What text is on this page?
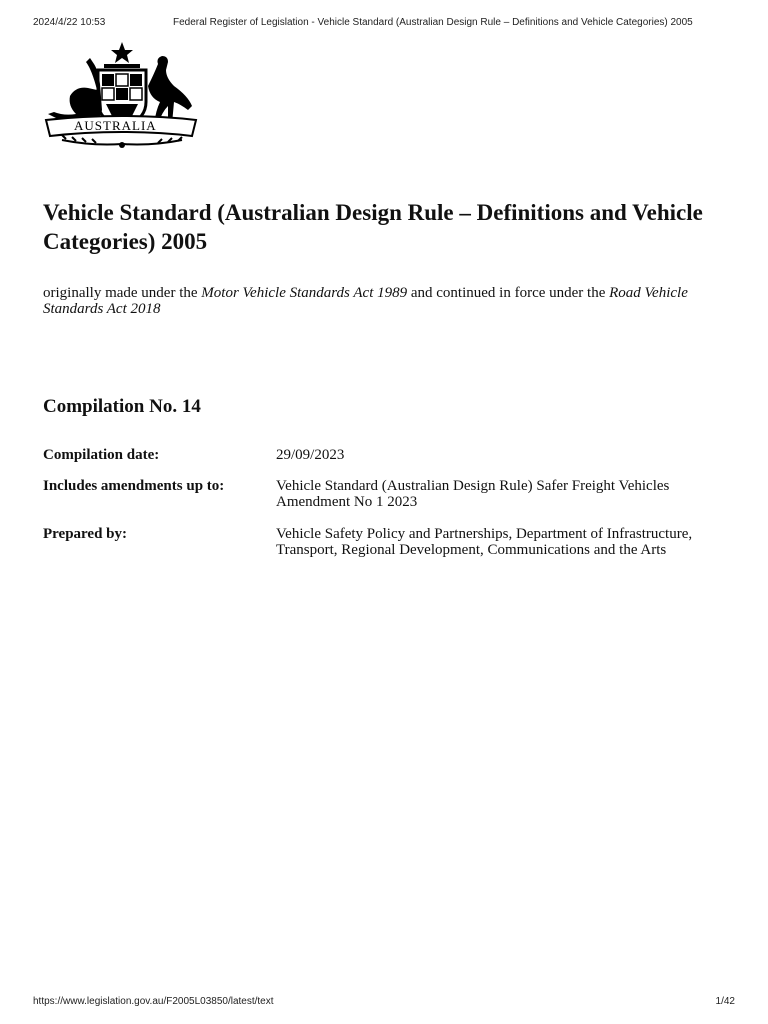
2024/4/22 10:53	Federal Register of Legislation - Vehicle Standard (Australian Design Rule – Definitions and Vehicle Categories) 2005
AUSTRALIA
Vehicle Standard (Australian Design Rule – Definitions and Vehicle Categories) 2005

originally made under the Motor Vehicle Standards Act 1989 and continued in force under the Road Vehicle Standards Act 2018

Compilation No. 14
Compilation date:	29/09/2023
Includes amendments up to:	Vehicle Standard (Australian Design Rule) Safer Freight Vehicles Amendment No 1 2023
Prepared by:	Vehicle Safety Policy and Partnerships, Department of Infrastructure, Transport, Regional Development, Communications and the Arts
https://www.legislation.gov.au/F2005L03850/latest/text	1/42
